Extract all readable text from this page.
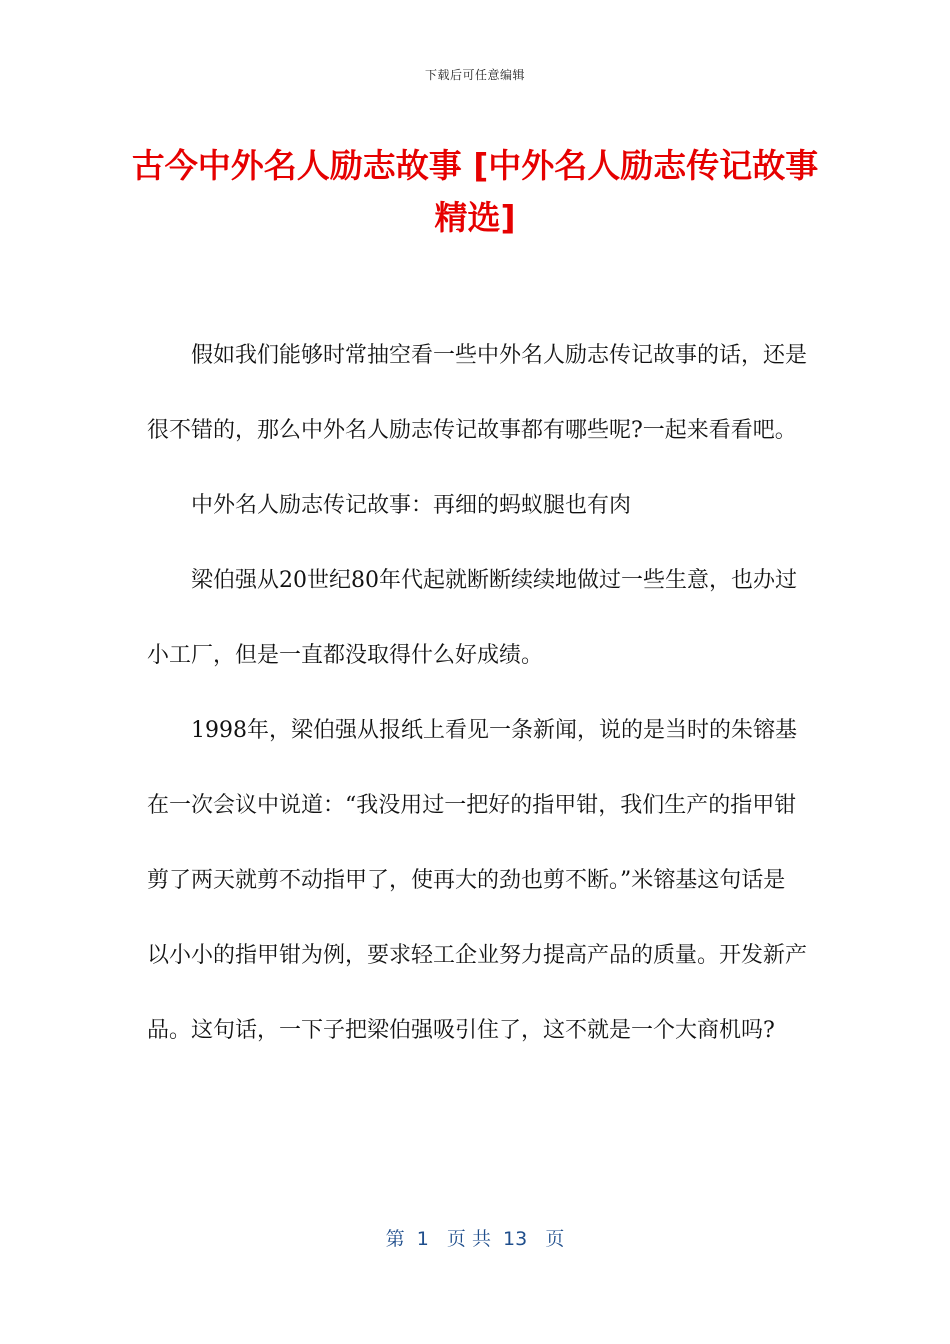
下载后可任意编辑
古今中外名人励志故事 [中外名人励志传记故事精选]

假如我们能够时常抽空看一些中外名人励志传记故事的话，还是很不错的，那么中外名人励志传记故事都有哪些呢?一起来看看吧。

中外名人励志传记故事：再细的蚂蚁腿也有肉

梁伯强从20世纪80年代起就断断续续地做过一些生意，也办过小工厂，但是一直都没取得什么好成绩。

1998年，梁伯强从报纸上看见一条新闻，说的是当时的朱镕基在一次会议中说道：“我没用过一把好的指甲钳，我们生产的指甲钳剪了两天就剪不动指甲了，使再大的劲也剪不断。”米镕基这句话是以小小的指甲钳为例，要求轻工企业努力提高产品的质量。开发新产品。这句话，一下子把梁伯强吸引住了，这不就是一个大商机吗?

第  1   页 共  13   页
